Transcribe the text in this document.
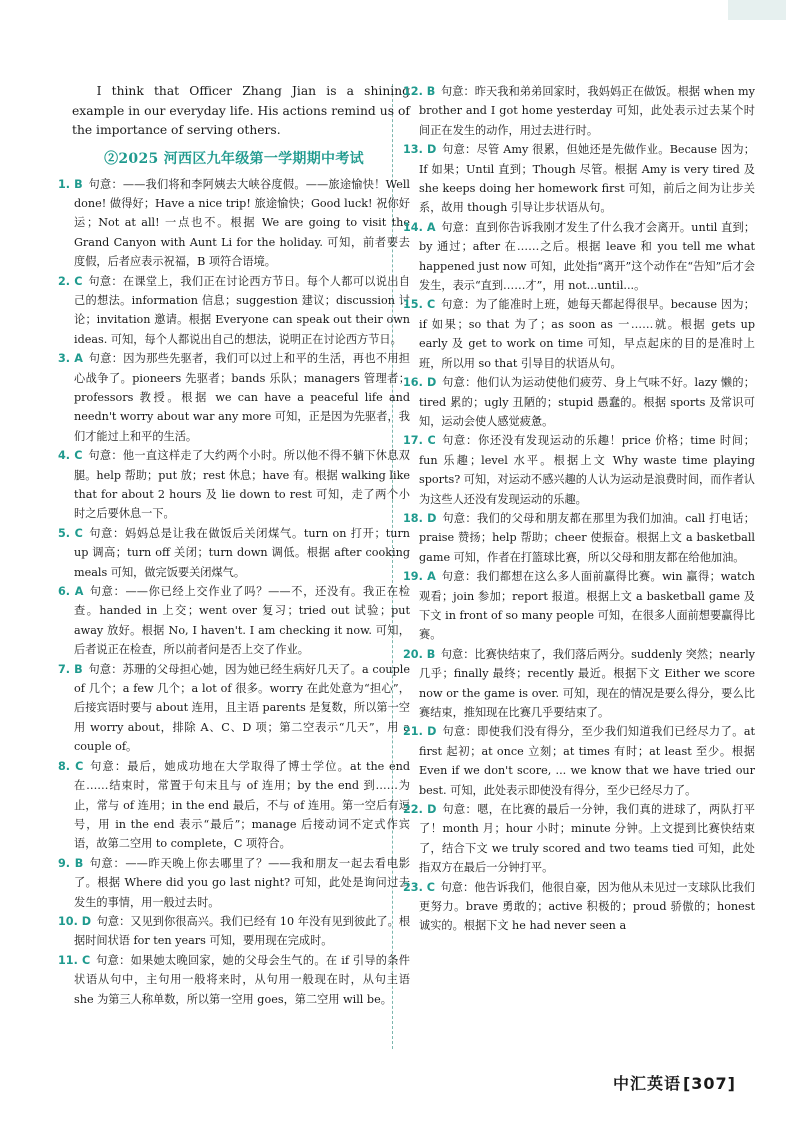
I think that Officer Zhang Jian is a shining example in our everyday life. His actions remind us of the importance of serving others.

②2025 河西区九年级第一学期期中考试

1. B 句意：——我们将和李阿姨去大峡谷度假。——旅途愉快！Well done! 做得好；Have a nice trip! 旅途愉快；Good luck! 祝你好运；Not at all! 一点也不。根据 We are going to visit the Grand Canyon with Aunt Li for the holiday. 可知，前者要去度假，后者应表示祝福，B 项符合语境。

2. C 句意：在课堂上，我们正在讨论西方节日。每个人都可以说出自己的想法。information 信息；suggestion 建议；discussion 讨论；invitation 邀请。根据 Everyone can speak out their own ideas. 可知，每个人都说出自己的想法，说明正在讨论西方节日。

3. A 句意：因为那些先驱者，我们可以过上和平的生活，再也不用担心战争了。pioneers 先驱者；bands 乐队；managers 管理者；professors 教授。根据 we can have a peaceful life and needn't worry about war any more 可知，正是因为先驱者，我们才能过上和平的生活。

4. C 句意：他一直这样走了大约两个小时。所以他不得不躺下休息双腿。help 帮助；put 放；rest 休息；have 有。根据 walking like that for about 2 hours 及 lie down to rest 可知，走了两个小时之后要休息一下。

5. C 句意：妈妈总是让我在做饭后关闭煤气。turn on 打开；turn up 调高；turn off 关闭；turn down 调低。根据 after cooking meals 可知，做完饭要关闭煤气。

6. A 句意：——你已经上交作业了吗？——不，还没有。我正在检查。handed in 上交；went over 复习；tried out 试验；put away 放好。根据 No, I haven't. I am checking it now. 可知，后者说正在检查，所以前者问是否上交了作业。

7. B 句意：苏珊的父母担心她，因为她已经生病好几天了。a couple of 几个；a few 几个；a lot of 很多。worry 在此处意为“担心”，后接宾语时要与 about 连用，且主语 parents 是复数，所以第一空用 worry about，排除 A、C、D 项；第二空表示“几天”，用 a couple of。

8. C 句意：最后，她成功地在大学取得了博士学位。at the end 在……结束时，常置于句末且与 of 连用；by the end 到……为止，常与 of 连用；in the end 最后，不与 of 连用。第一空后有逗号，用 in the end 表示“最后”；manage 后接动词不定式作宾语，故第二空用 to complete，C 项符合。

9. B 句意：——昨天晚上你去哪里了？——我和朋友一起去看电影了。根据 Where did you go last night? 可知，此处是询问过去发生的事情，用一般过去时。

10. D 句意：又见到你很高兴。我们已经有 10 年没有见到彼此了。根据时间状语 for ten years 可知，要用现在完成时。

11. C 句意：如果她太晚回家，她的父母会生气的。在 if 引导的条件状语从句中，主句用一般将来时，从句用一般现在时，从句主语 she 为第三人称单数，所以第一空用 goes，第二空用 will be。

12. B 句意：昨天我和弟弟回家时，我妈妈正在做饭。根据 when my brother and I got home yesterday 可知，此处表示过去某个时间正在发生的动作，用过去进行时。

13. D 句意：尽管 Amy 很累，但她还是先做作业。Because 因为；If 如果；Until 直到；Though 尽管。根据 Amy is very tired 及 she keeps doing her homework first 可知，前后之间为让步关系，故用 though 引导让步状语从句。

14. A 句意：直到你告诉我刚才发生了什么我才会离开。until 直到；by 通过；after 在……之后。根据 leave 和 you tell me what happened just now 可知，此处指“离开”这个动作在“告知”后才会发生，表示“直到……才”，用 not...until...。

15. C 句意：为了能准时上班，她每天都起得很早。because 因为；if 如果；so that 为了；as soon as 一……就。根据 gets up early 及 get to work on time 可知，早点起床的目的是准时上班，所以用 so that 引导目的状语从句。

16. D 句意：他们认为运动使他们疲劳、身上气味不好。lazy 懒的；tired 累的；ugly 丑陋的；stupid 愚蠢的。根据 sports 及常识可知，运动会使人感觉疲惫。

17. C 句意：你还没有发现运动的乐趣！price 价格；time 时间；fun 乐趣；level 水平。根据上文 Why waste time playing sports? 可知，对运动不感兴趣的人认为运动是浪费时间，而作者认为这些人还没有发现运动的乐趣。

18. D 句意：我们的父母和朋友都在那里为我们加油。call 打电话；praise 赞扬；help 帮助；cheer 使振奋。根据上文 a basketball game 可知，作者在打篮球比赛，所以父母和朋友都在给他加油。

19. A 句意：我们都想在这么多人面前赢得比赛。win 赢得；watch 观看；join 参加；report 报道。根据上文 a basketball game 及下文 in front of so many people 可知，在很多人面前想要赢得比赛。

20. B 句意：比赛快结束了，我们落后两分。suddenly 突然；nearly 几乎；finally 最终；recently 最近。根据下文 Either we score now or the game is over. 可知，现在的情况是要么得分，要么比赛结束，推知现在比赛几乎要结束了。

21. D 句意：即使我们没有得分，至少我们知道我们已经尽力了。at first 起初；at once 立刻；at times 有时；at least 至少。根据 Even if we don't score, ... we know that we have tried our best. 可知，此处表示即使没有得分，至少已经尽力了。

22. D 句意：嗯，在比赛的最后一分钟，我们真的进球了，两队打平了！month 月；hour 小时；minute 分钟。上文提到比赛快结束了，结合下文 we truly scored and two teams tied 可知，此处指双方在最后一分钟打平。

23. C 句意：他告诉我们，他很自豪，因为他从未见过一支球队比我们更努力。brave 勇敢的；active 积极的；proud 骄傲的；honest 诚实的。根据下文 he had never seen a

中汇英语 [307]
